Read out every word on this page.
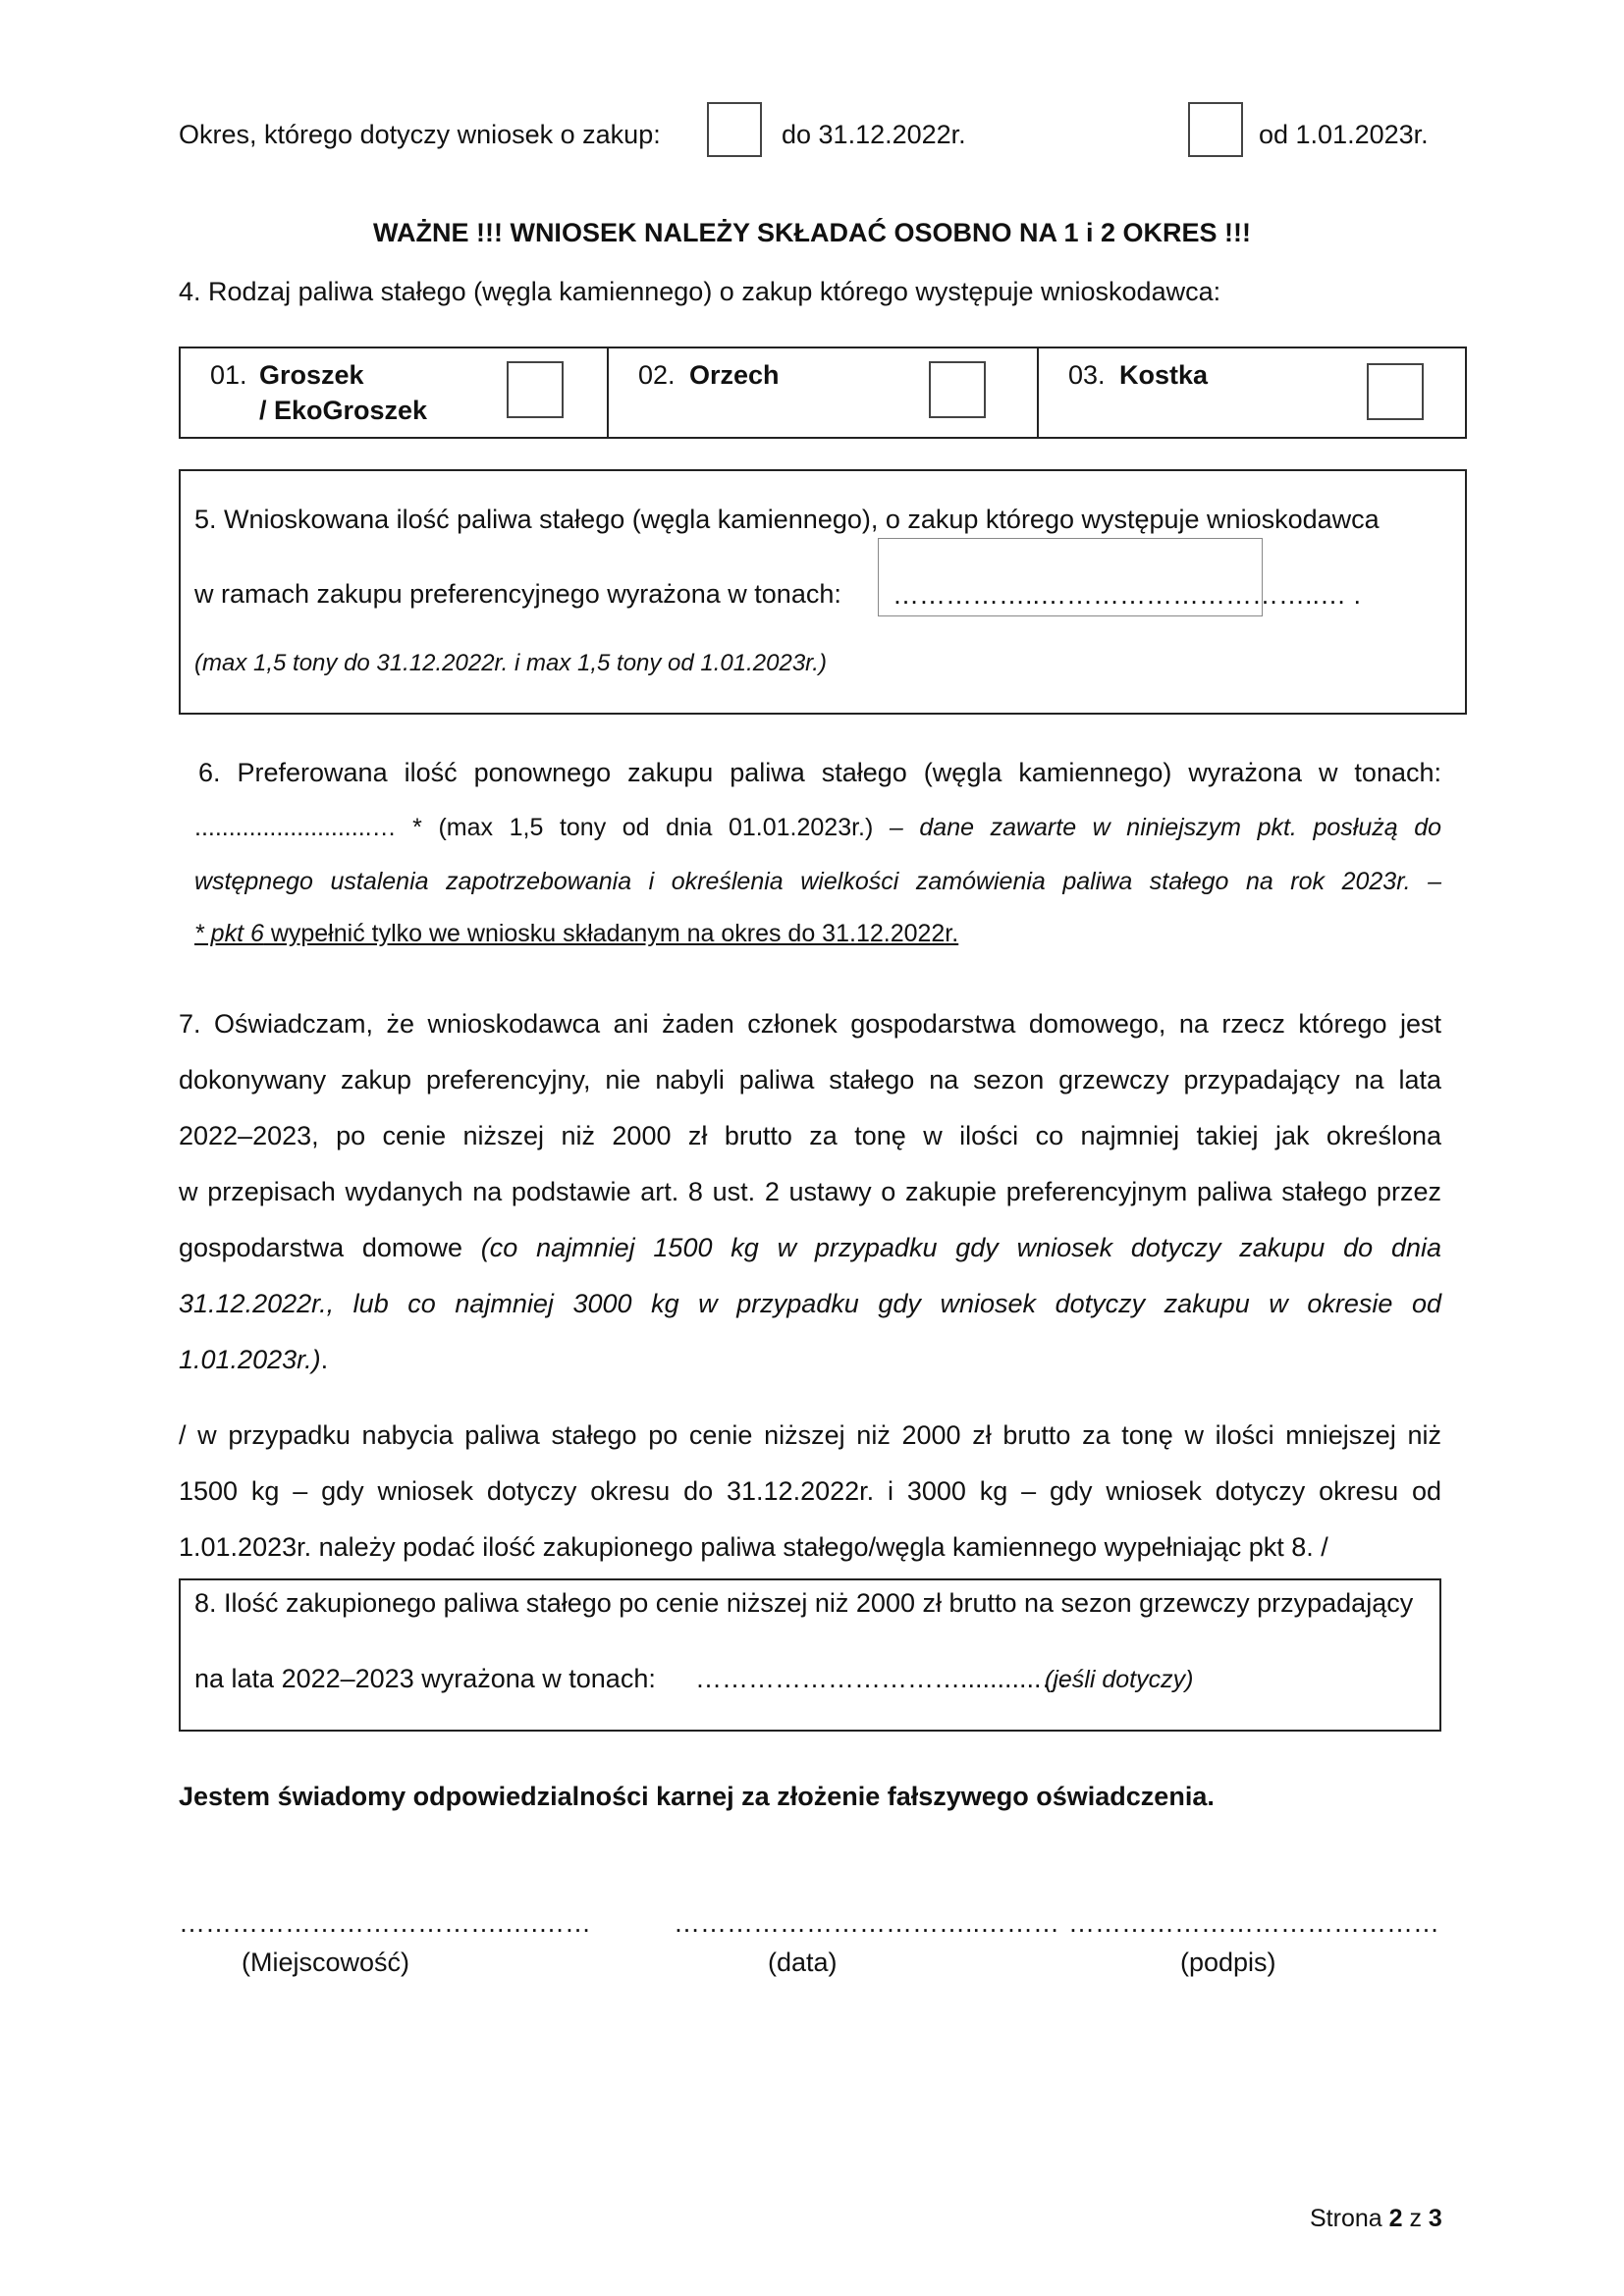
Okres, którego dotyczy wniosek o zakup:	do 31.12.2022r.	od 1.01.2023r.
WAŻNE !!! WNIOSEK NALEŻY SKŁADAĆ OSOBNO NA 1 i 2 OKRES !!!
4. Rodzaj paliwa stałego (węgla kamiennego) o zakup którego występuje wnioskodawca:
01. Groszek
/ EkoGroszek
02. Orzech	03. Kostka
5. Wnioskowana ilość paliwa stałego (węgla kamiennego), o zakup którego występuje wnioskodawca
w ramach zakupu preferencyjnego wyrażona w tonach: ……………..…………………………..… .
(max 1,5 tony do 31.12.2022r. i max 1,5 tony od 1.01.2023r.)
6. Preferowana ilość ponownego zakupu paliwa stałego (węgla kamiennego) wyrażona w tonach:
..........................… * (max 1,5 tony od dnia 01.01.2023r.) – dane zawarte w niniejszym pkt. posłużą do
wstępnego ustalenia zapotrzebowania i określenia wielkości zamówienia paliwa stałego na rok 2023r. –
* pkt 6 wypełnić tylko we wniosku składanym na okres do 31.12.2022r.
7. Oświadczam, że wnioskodawca ani żaden członek gospodarstwa domowego, na rzecz którego jest
dokonywany zakup preferencyjny, nie nabyli paliwa stałego na sezon grzewczy przypadający na lata
2022–2023, po cenie niższej niż 2000 zł brutto za tonę w ilości co najmniej takiej jak określona
w przepisach wydanych na podstawie art. 8 ust. 2 ustawy o zakupie preferencyjnym paliwa stałego przez
gospodarstwa domowe (co najmniej 1500 kg w przypadku gdy wniosek dotyczy zakupu do dnia
31.12.2022r., lub co najmniej 3000 kg w przypadku gdy wniosek dotyczy zakupu w okresie od
1.01.2023r.).
/ w przypadku nabycia paliwa stałego po cenie niższej niż 2000 zł brutto za tonę w ilości mniejszej niż
1500 kg – gdy wniosek dotyczy okresu do 31.12.2022r. i 3000 kg – gdy wniosek dotyczy okresu od
1.01.2023r. należy podać ilość zakupionego paliwa stałego/węgla kamiennego wypełniając pkt 8. /
8. Ilość zakupionego paliwa stałego po cenie niższej niż 2000 zł brutto na sezon grzewczy przypadający
na lata 2022–2023 wyrażona w tonach: …………………………...........…
(jeśli dotyczy)
Jestem świadomy odpowiedzialności karnej za złożenie fałszywego oświadczenia.
……………………………….….……
(Miejscowość)
……………………………..………
(data)
……………………………………
(podpis)
Strona 2 z 3
